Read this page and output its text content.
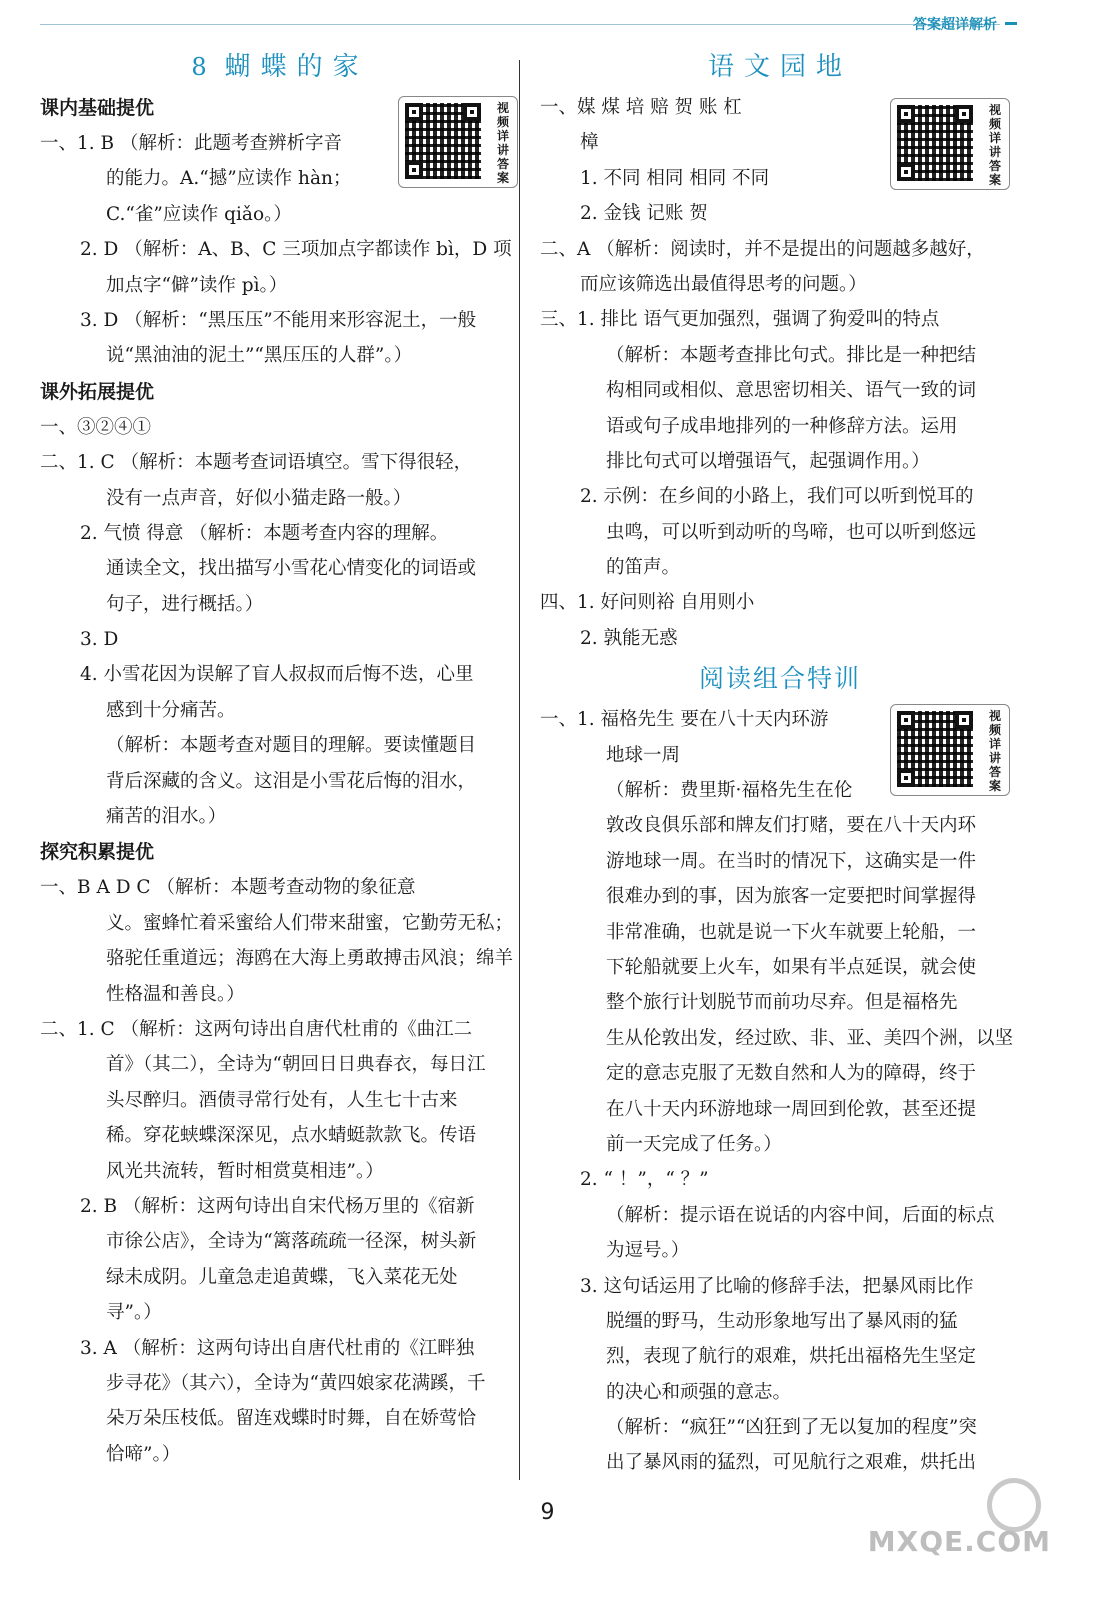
答案超详解析
8 蝴蝶的家
课内基础提优
一、1. B （解析：此题考查辨析字音
的能力。A.“撼”应读作 hàn；
C.“雀”应读作 qiǎo。）
2. D （解析：A、B、C 三项加点字都读作 bì，D 项
加点字“僻”读作 pì。）
3. D （解析：“黑压压”不能用来形容泥土，一般
说“黑油油的泥土”“黑压压的人群”。）
课外拓展提优
一、③②④①
二、1. C （解析：本题考查词语填空。雪下得很轻，
没有一点声音，好似小猫走路一般。）
2. 气愤 得意 （解析：本题考查内容的理解。
通读全文，找出描写小雪花心情变化的词语或
句子，进行概括。）
3. D
4. 小雪花因为误解了盲人叔叔而后悔不迭，心里
感到十分痛苦。
（解析：本题考查对题目的理解。要读懂题目
背后深藏的含义。这泪是小雪花后悔的泪水，
痛苦的泪水。）
探究积累提优
一、B A D C （解析：本题考查动物的象征意
义。蜜蜂忙着采蜜给人们带来甜蜜，它勤劳无私；
骆驼任重道远；海鸥在大海上勇敢搏击风浪；绵羊
性格温和善良。）
二、1. C （解析：这两句诗出自唐代杜甫的《曲江二
首》（其二），全诗为“朝回日日典春衣，每日江
头尽醉归。酒债寻常行处有，人生七十古来
稀。穿花蛱蝶深深见，点水蜻蜓款款飞。传语
风光共流转，暂时相赏莫相违”。）
2. B （解析：这两句诗出自宋代杨万里的《宿新
市徐公店》，全诗为“篱落疏疏一径深，树头新
绿未成阴。儿童急走追黄蝶，飞入菜花无处
寻”。）
3. A （解析：这两句诗出自唐代杜甫的《江畔独
步寻花》（其六），全诗为“黄四娘家花满蹊，千
朵万朵压枝低。留连戏蝶时时舞，自在娇莺恰
恰啼”。）
语文园地
一、媒 煤 培 赔 贺 账 杠
樟
1. 不同 相同 相同 不同
2. 金钱 记账 贺
二、A （解析：阅读时，并不是提出的问题越多越好，
而应该筛选出最值得思考的问题。）
三、1. 排比 语气更加强烈，强调了狗爱叫的特点
（解析：本题考查排比句式。排比是一种把结
构相同或相似、意思密切相关、语气一致的词
语或句子成串地排列的一种修辞方法。运用
排比句式可以增强语气，起强调作用。）
2. 示例：在乡间的小路上，我们可以听到悦耳的
虫鸣，可以听到动听的鸟啼，也可以听到悠远
的笛声。
四、1. 好问则裕 自用则小
2. 孰能无惑
阅读组合特训
一、1. 福格先生 要在八十天内环游
地球一周
（解析：费里斯·福格先生在伦
敦改良俱乐部和牌友们打赌，要在八十天内环
游地球一周。在当时的情况下，这确实是一件
很难办到的事，因为旅客一定要把时间掌握得
非常准确，也就是说一下火车就要上轮船，一
下轮船就要上火车，如果有半点延误，就会使
整个旅行计划脱节而前功尽弃。但是福格先
生从伦敦出发，经过欧、非、亚、美四个洲，以坚
定的意志克服了无数自然和人为的障碍，终于
在八十天内环游地球一周回到伦敦，甚至还提
前一天完成了任务。）
2. “ ！”，“ ？”
（解析：提示语在说话的内容中间，后面的标点
为逗号。）
3. 这句话运用了比喻的修辞手法，把暴风雨比作
脱缰的野马，生动形象地写出了暴风雨的猛
烈，表现了航行的艰难，烘托出福格先生坚定
的决心和顽强的意志。
（解析：“疯狂”“凶狂到了无以复加的程度”突
出了暴风雨的猛烈，可见航行之艰难，烘托出
视频详讲答案
视频详讲答案
视频详讲答案
9
MXQE.COM
